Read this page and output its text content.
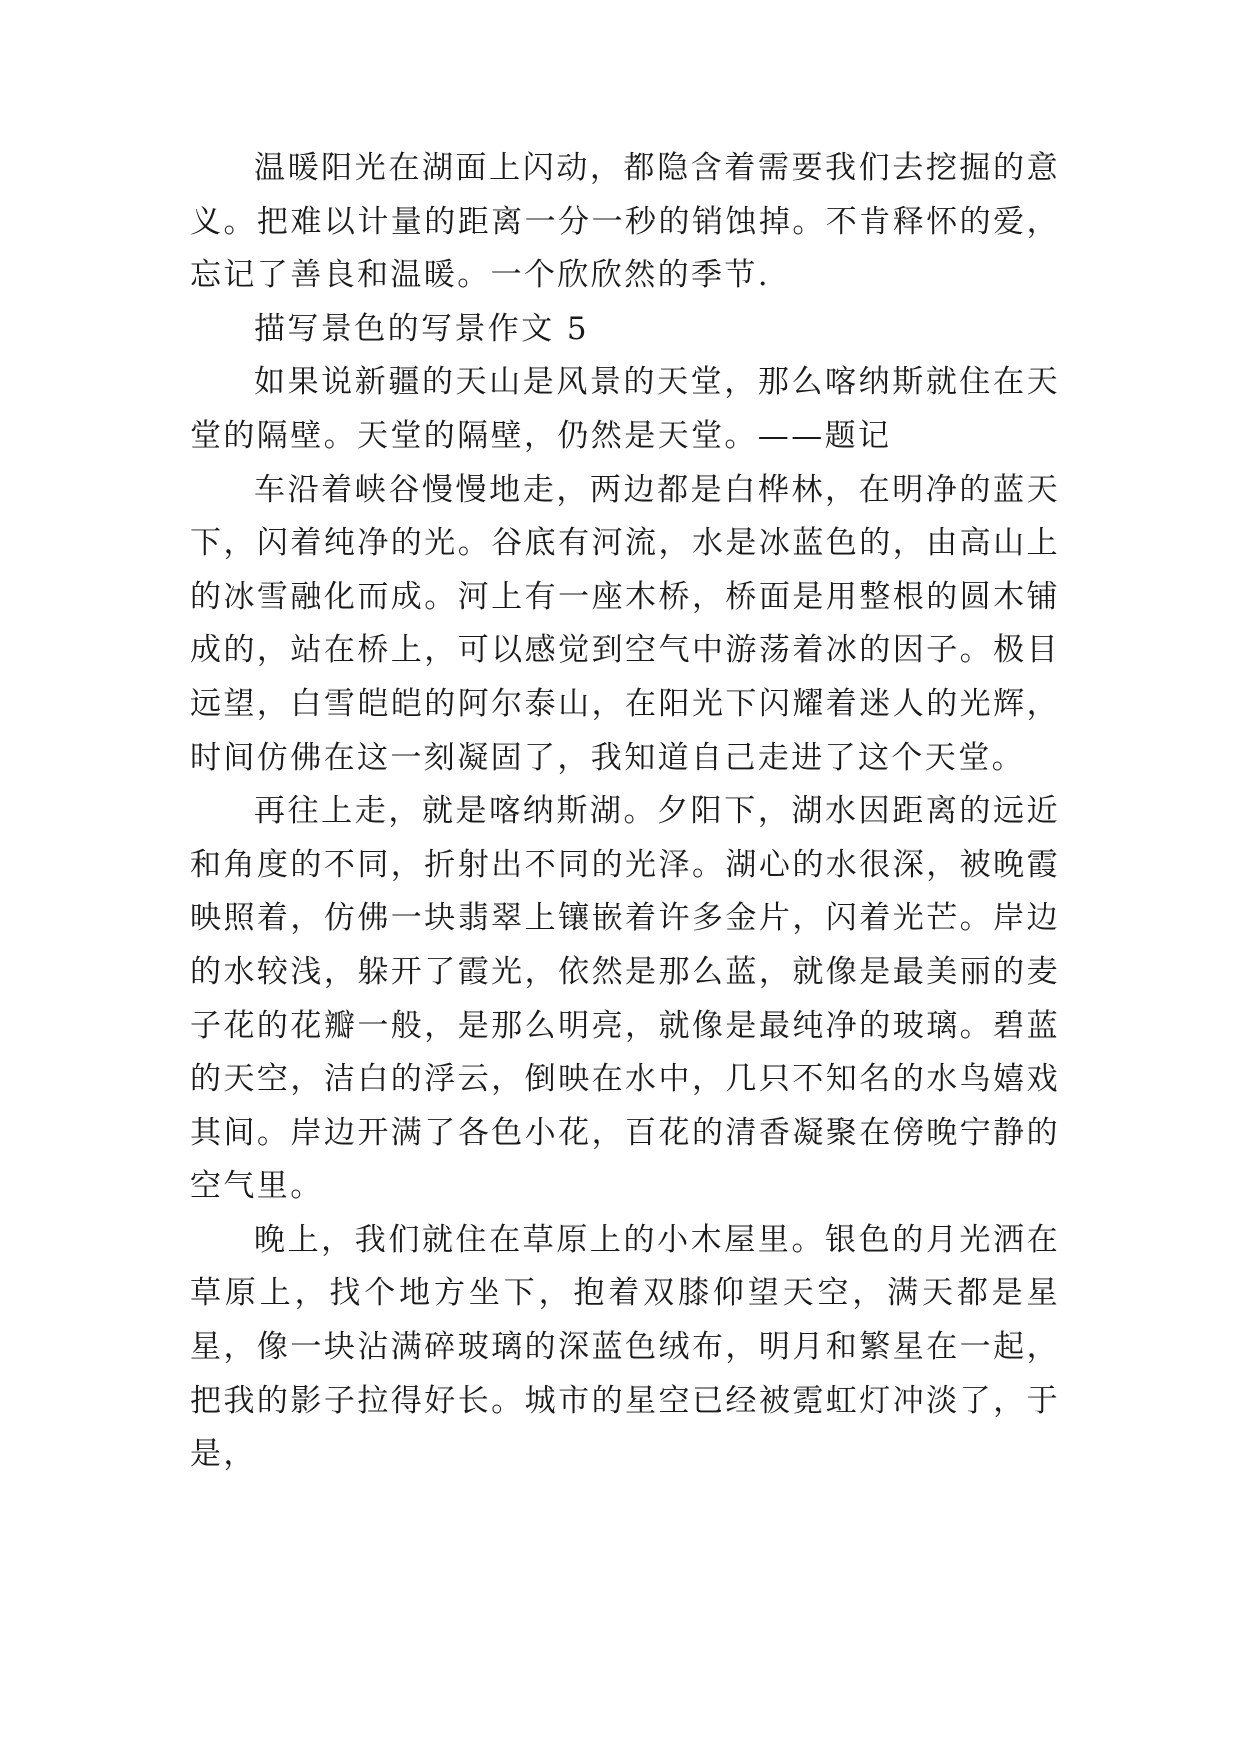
温暖阳光在湖面上闪动，都隐含着需要我们去挖掘的意义。把难以计量的距离一分一秒的销蚀掉。不肯释怀的爱，忘记了善良和温暖。一个欣欣然的季节.

描写景色的写景作文 5

如果说新疆的天山是风景的天堂，那么喀纳斯就住在天堂的隔壁。天堂的隔壁，仍然是天堂。——题记

车沿着峡谷慢慢地走，两边都是白桦林，在明净的蓝天下，闪着纯净的光。谷底有河流，水是冰蓝色的，由高山上的冰雪融化而成。河上有一座木桥，桥面是用整根的圆木铺成的，站在桥上，可以感觉到空气中游荡着冰的因子。极目远望，白雪皑皑的阿尔泰山，在阳光下闪耀着迷人的光辉，时间仿佛在这一刻凝固了，我知道自己走进了这个天堂。

再往上走，就是喀纳斯湖。夕阳下，湖水因距离的远近和角度的不同，折射出不同的光泽。湖心的水很深，被晚霞映照着，仿佛一块翡翠上镶嵌着许多金片，闪着光芒。岸边的水较浅，躲开了霞光，依然是那么蓝，就像是最美丽的麦子花的花瓣一般，是那么明亮，就像是最纯净的玻璃。碧蓝的天空，洁白的浮云，倒映在水中，几只不知名的水鸟嬉戏其间。岸边开满了各色小花，百花的清香凝聚在傍晚宁静的空气里。

晚上，我们就住在草原上的小木屋里。银色的月光洒在草原上，找个地方坐下，抱着双膝仰望天空，满天都是星星，像一块沾满碎玻璃的深蓝色绒布，明月和繁星在一起，把我的影子拉得好长。城市的星空已经被霓虹灯冲淡了，于是，
